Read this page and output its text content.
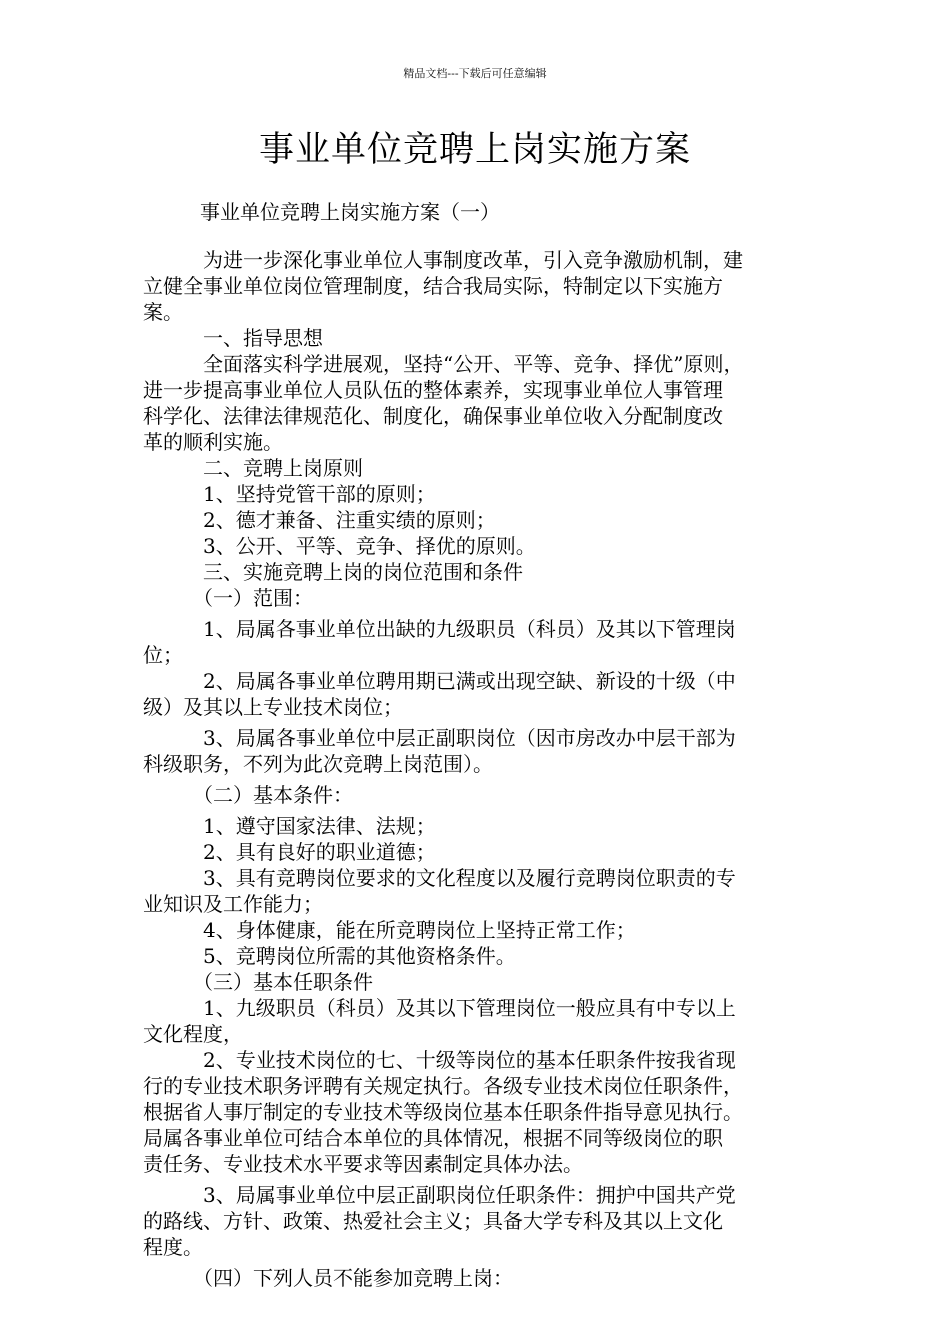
精品文档---下载后可任意编辑
事业单位竞聘上岗实施方案
事业单位竞聘上岗实施方案（一）
　　　为进一步深化事业单位人事制度改革，引入竞争激励机制，建
立健全事业单位岗位管理制度，结合我局实际，特制定以下实施方
案。
　　　一、指导思想
　　　全面落实科学进展观，坚持“公开、平等、竞争、择优”原则，
进一步提高事业单位人员队伍的整体素养，实现事业单位人事管理
科学化、法律法律规范化、制度化，确保事业单位收入分配制度改
革的顺利实施。
　　　二、竞聘上岗原则
　　　1、坚持党管干部的原则；
　　　2、德才兼备、注重实绩的原则；
　　　3、公开、平等、竞争、择优的原则。
　　　三、实施竞聘上岗的岗位范围和条件
　　　（一）范围：
　　　1、局属各事业单位出缺的九级职员（科员）及其以下管理岗
位；
　　　2、局属各事业单位聘用期已满或出现空缺、新设的十级（中
级）及其以上专业技术岗位；
　　　3、局属各事业单位中层正副职岗位（因市房改办中层干部为
科级职务，不列为此次竞聘上岗范围）。
　　　（二）基本条件：
　　　1、遵守国家法律、法规；
　　　2、具有良好的职业道德；
　　　3、具有竞聘岗位要求的文化程度以及履行竞聘岗位职责的专
业知识及工作能力；
　　　4、身体健康，能在所竞聘岗位上坚持正常工作；
　　　5、竞聘岗位所需的其他资格条件。
　　　（三）基本任职条件
　　　1、九级职员（科员）及其以下管理岗位一般应具有中专以上
文化程度，
　　　2、专业技术岗位的七、十级等岗位的基本任职条件按我省现
行的专业技术职务评聘有关规定执行。各级专业技术岗位任职条件，
根据省人事厅制定的专业技术等级岗位基本任职条件指导意见执行。
局属各事业单位可结合本单位的具体情况，根据不同等级岗位的职
责任务、专业技术水平要求等因素制定具体办法。
　　　3、局属事业单位中层正副职岗位任职条件：拥护中国共产党
的路线、方针、政策、热爱社会主义；具备大学专科及其以上文化
程度。
　　　（四）下列人员不能参加竞聘上岗：
